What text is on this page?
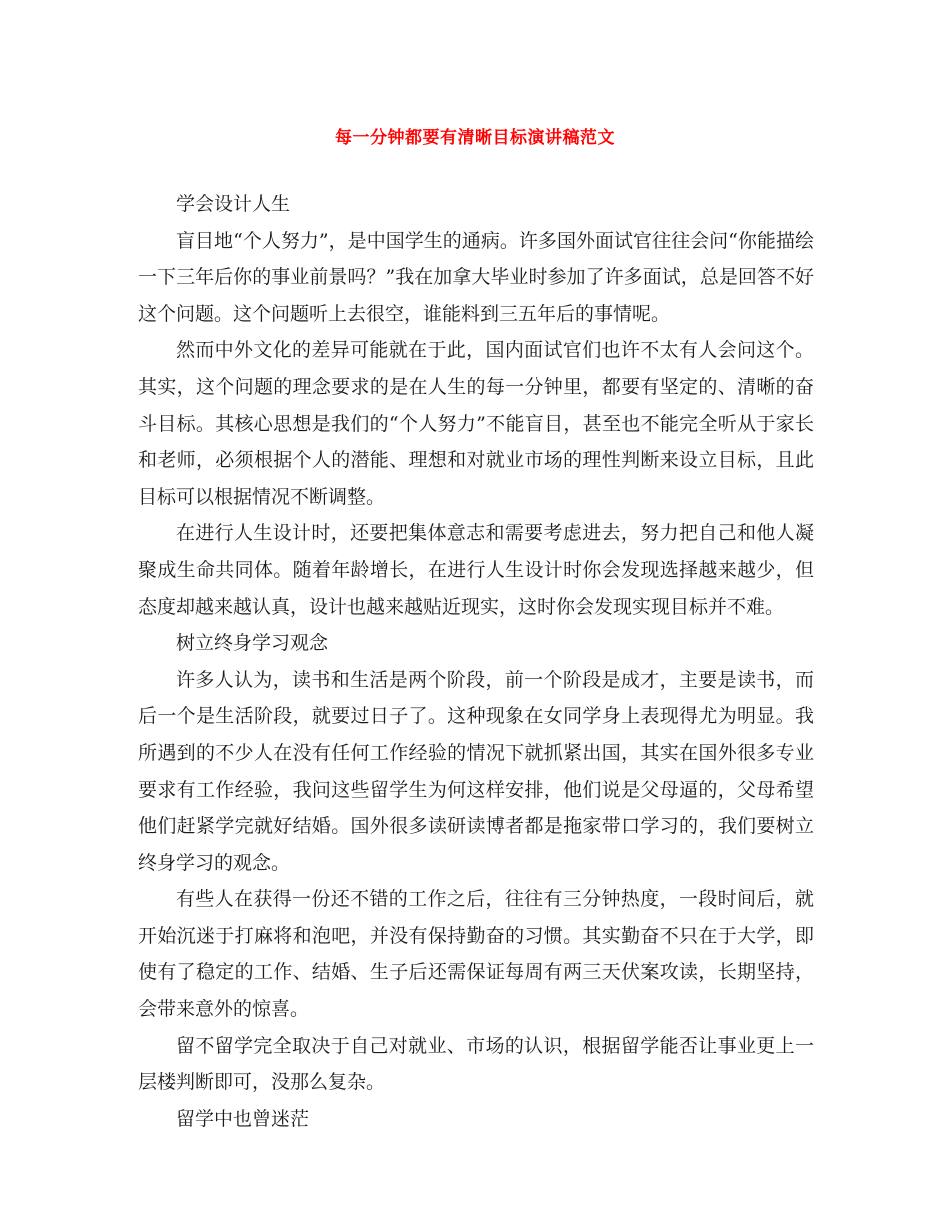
每一分钟都要有清晰目标演讲稿范文

学会设计人生

盲目地“个人努力”，是中国学生的通病。许多国外面试官往往会问“你能描绘一下三年后你的事业前景吗？”我在加拿大毕业时参加了许多面试，总是回答不好这个问题。这个问题听上去很空，谁能料到三五年后的事情呢。

然而中外文化的差异可能就在于此，国内面试官们也许不太有人会问这个。其实，这个问题的理念要求的是在人生的每一分钟里，都要有坚定的、清晰的奋斗目标。其核心思想是我们的“个人努力”不能盲目，甚至也不能完全听从于家长和老师，必须根据个人的潜能、理想和对就业市场的理性判断来设立目标，且此目标可以根据情况不断调整。

在进行人生设计时，还要把集体意志和需要考虑进去，努力把自己和他人凝聚成生命共同体。随着年龄增长，在进行人生设计时你会发现选择越来越少，但态度却越来越认真，设计也越来越贴近现实，这时你会发现实现目标并不难。

树立终身学习观念

许多人认为，读书和生活是两个阶段，前一个阶段是成才，主要是读书，而后一个是生活阶段，就要过日子了。这种现象在女同学身上表现得尤为明显。我所遇到的不少人在没有任何工作经验的情况下就抓紧出国，其实在国外很多专业要求有工作经验，我问这些留学生为何这样安排，他们说是父母逼的，父母希望他们赶紧学完就好结婚。国外很多读研读博者都是拖家带口学习的，我们要树立终身学习的观念。

有些人在获得一份还不错的工作之后，往往有三分钟热度，一段时间后，就开始沉迷于打麻将和泡吧，并没有保持勤奋的习惯。其实勤奋不只在于大学，即使有了稳定的工作、结婚、生子后还需保证每周有两三天伏案攻读，长期坚持，会带来意外的惊喜。

留不留学完全取决于自己对就业、市场的认识，根据留学能否让事业更上一层楼判断即可，没那么复杂。

留学中也曾迷茫
